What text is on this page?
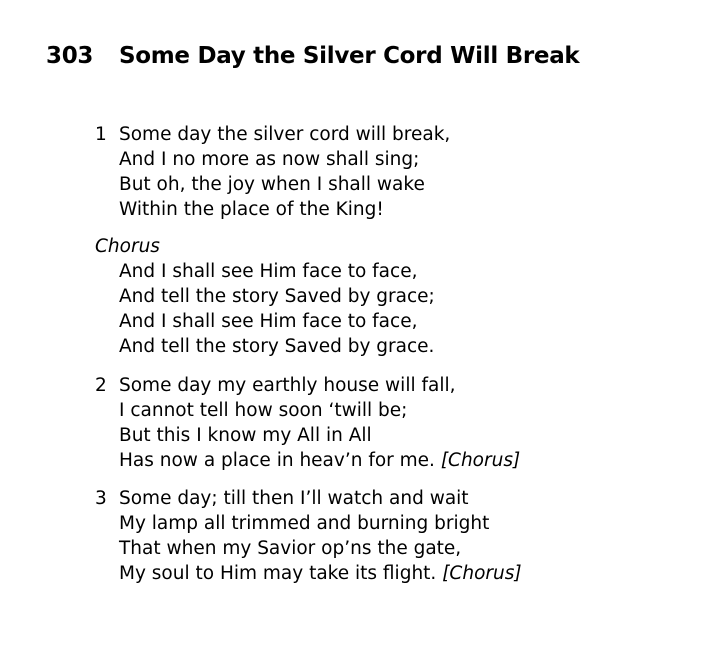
303 Some Day the Silver Cord Will Break
1 Some day the silver cord will break,
And I no more as now shall sing;
But oh, the joy when I shall wake
Within the place of the King!
Chorus
And I shall see Him face to face,
And tell the story Saved by grace;
And I shall see Him face to face,
And tell the story Saved by grace.
2 Some day my earthly house will fall,
I cannot tell how soon ‘twill be;
But this I know my All in All
Has now a place in heav’n for me. [Chorus]
3 Some day; till then I’ll watch and wait
My lamp all trimmed and burning bright
That when my Savior op’ns the gate,
My soul to Him may take its flight. [Chorus]
